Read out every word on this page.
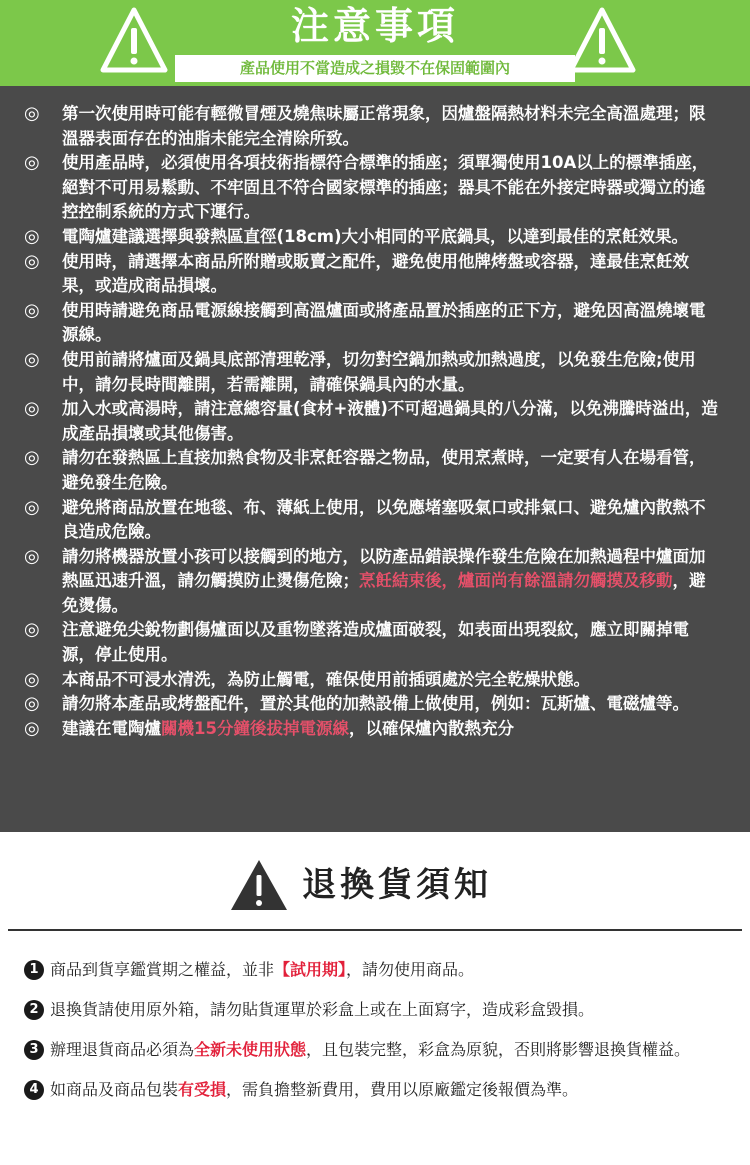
注意事項
產品使用不當造成之損毀不在保固範圍內
◎	第一次使用時可能有輕微冒煙及燒焦味屬正常現象，因爐盤隔熱材料未完全高溫處理；限溫器表面存在的油脂未能完全清除所致。
◎	使用產品時，必須使用各項技術指標符合標準的插座；須單獨使用10A以上的標準插座，絕對不可用易鬆動、不牢固且不符合國家標準的插座；器具不能在外接定時器或獨立的遙控控制系統的方式下運行。
◎	電陶爐建議選擇與發熱區直徑(18cm)大小相同的平底鍋具，以達到最佳的烹飪效果。
◎	使用時，請選擇本商品所附贈或販賣之配件，避免使用他牌烤盤或容器，達最佳烹飪效果，或造成商品損壞。
◎	使用時請避免商品電源線接觸到高溫爐面或將產品置於插座的正下方，避免因高溫燒壞電源線。
◎	使用前請將爐面及鍋具底部清理乾淨，切勿對空鍋加熱或加熱過度，以免發生危險;使用中，請勿長時間離開，若需離開，請確保鍋具內的水量。
◎	加入水或高湯時，請注意總容量(食材+液體)不可超過鍋具的八分滿，以免沸騰時溢出，造成產品損壞或其他傷害。
◎	請勿在發熱區上直接加熱食物及非烹飪容器之物品，使用烹煮時，一定要有人在場看管，避免發生危險。
◎	避免將商品放置在地毯、布、薄紙上使用，以免應堵塞吸氣口或排氣口、避免爐內散熱不良造成危險。
◎	請勿將機器放置小孩可以接觸到的地方，以防產品錯誤操作發生危險在加熱過程中爐面加熱區迅速升溫，請勿觸摸防止燙傷危險；烹飪結束後，爐面尚有餘溫請勿觸摸及移動，避免燙傷。
◎	注意避免尖銳物劃傷爐面以及重物墜落造成爐面破裂，如表面出現裂紋，應立即關掉電源，停止使用。
◎	本商品不可浸水清洗，為防止觸電，確保使用前插頭處於完全乾燥狀態。
◎	請勿將本產品或烤盤配件，置於其他的加熱設備上做使用，例如：瓦斯爐、電磁爐等。
◎	建議在電陶爐關機15分鐘後拔掉電源線，以確保爐內散熱充分
退換貨須知
1 商品到貨享鑑賞期之權益，並非【試用期】，請勿使用商品。
2 退換貨請使用原外箱，請勿貼貨運單於彩盒上或在上面寫字，造成彩盒毀損。
3 辦理退貨商品必須為全新未使用狀態，且包裝完整，彩盒為原貌，否則將影響退換貨權益。
4 如商品及商品包裝有受損，需負擔整新費用，費用以原廠鑑定後報價為準。
